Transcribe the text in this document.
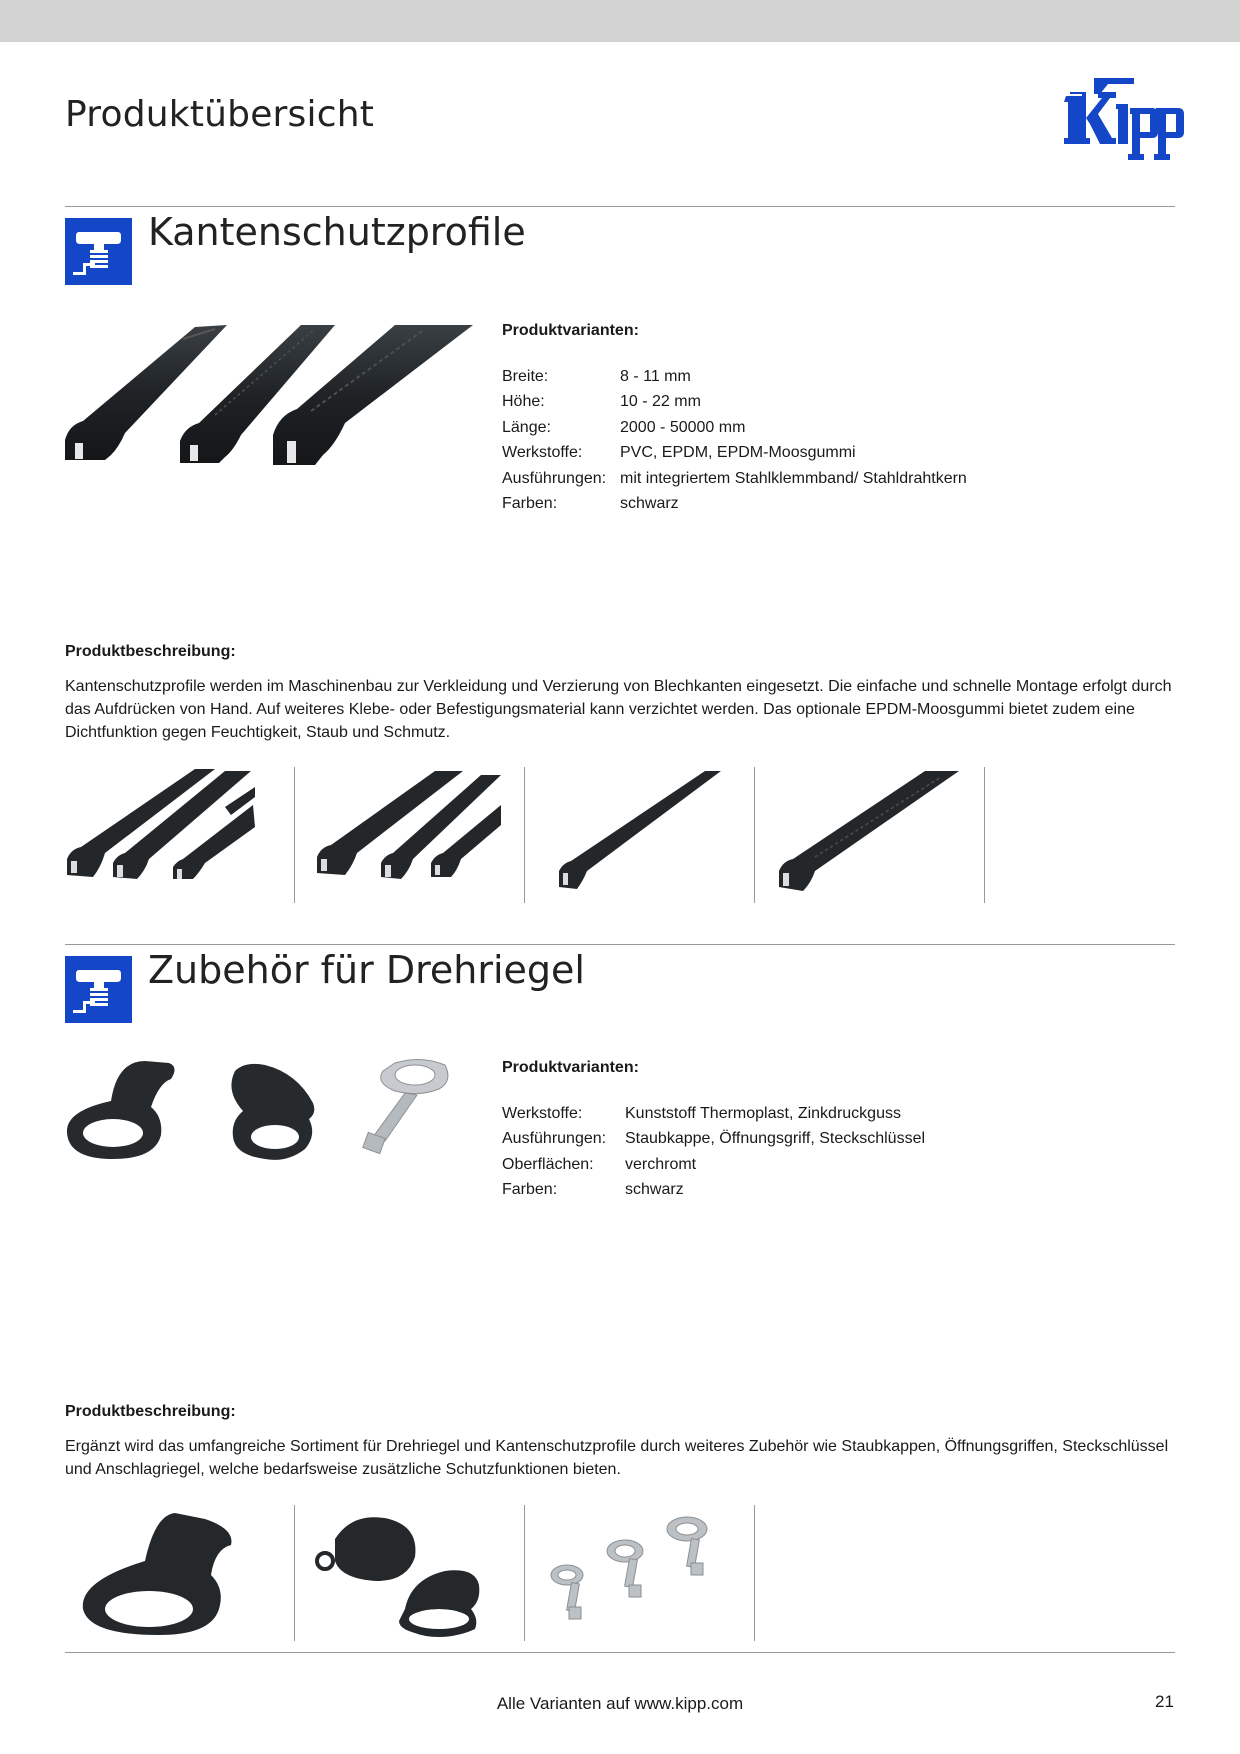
Produktübersicht
Kantenschutzprofile
Produktvarianten:
Breite:	8 - 11 mm
Höhe:	10 - 22 mm
Länge:	2000 - 50000 mm
Werkstoffe:	PVC, EPDM, EPDM-Moosgummi
Ausführungen: mit integriertem Stahlklemmband/ Stahldrahtkern
Farben:	schwarz
Produktbeschreibung:
Kantenschutzprofile werden im Maschinenbau zur Verkleidung und Verzierung von Blechkanten eingesetzt. Die einfache und schnelle Montage erfolgt durch das Aufdrücken von Hand. Auf weiteres Klebe- oder Befestigungsmaterial kann verzichtet werden. Das optionale EPDM-Moosgummi bietet zudem eine Dichtfunktion gegen Feuchtigkeit, Staub und Schmutz.
Zubehör für Drehriegel
Produktvarianten:
Werkstoffe:	Kunststoff Thermoplast, Zinkdruckguss
Ausführungen:	Staubkappe, Öffnungsgriff, Steckschlüssel
Oberflächen:	verchromt
Farben:	schwarz
Produktbeschreibung:
Ergänzt wird das umfangreiche Sortiment für Drehriegel und Kantenschutzprofile durch weiteres Zubehör wie Staubkappen, Öffnungsgriffen, Steckschlüssel und Anschlagriegel, welche bedarfsweise zusätzliche Schutzfunktionen bieten.
Alle Varianten auf www.kipp.com	21
